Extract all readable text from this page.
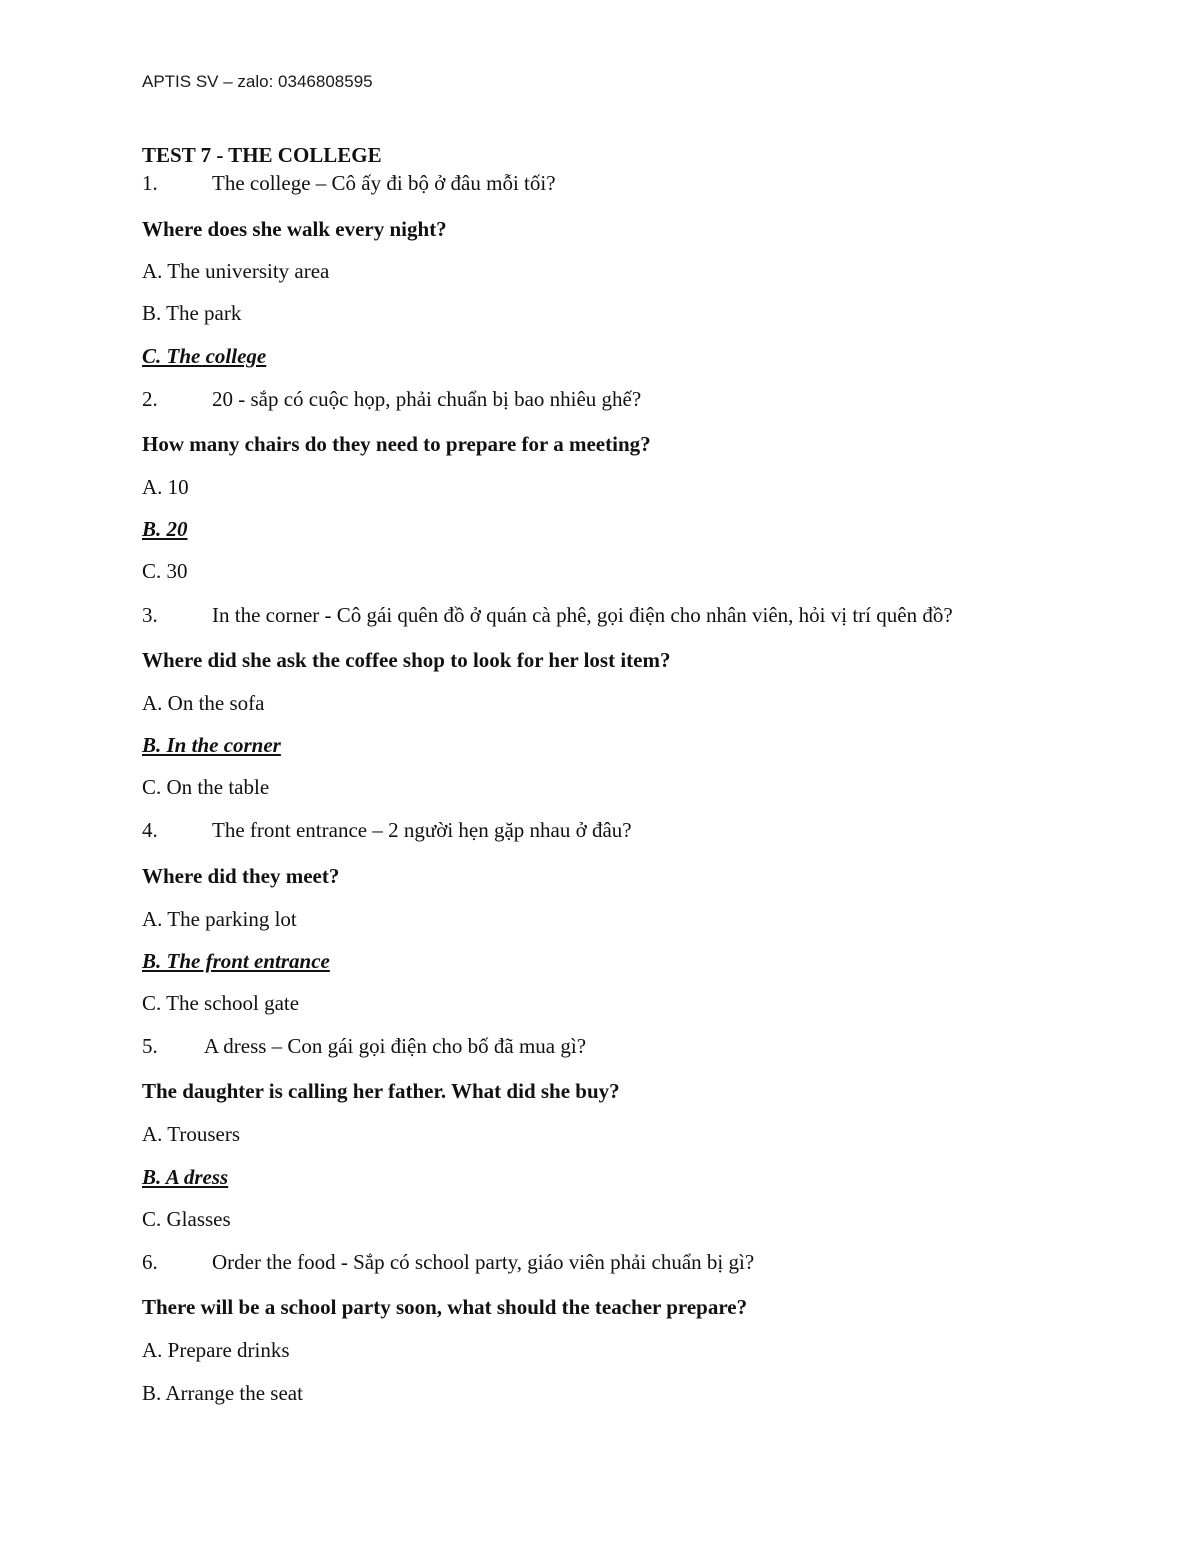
APTIS SV – zalo: 0346808595
TEST 7 - THE COLLEGE
1.	The college – Cô ấy đi bộ ở đâu mỗi tối?
Where does she walk every night?
A. The university area
B. The park
C. The college
2.	20 - sắp có cuộc họp, phải chuẩn bị bao nhiêu ghế?
How many chairs do they need to prepare for a meeting?
A. 10
B. 20
C. 30
3.	In the corner - Cô gái quên đồ ở quán cà phê, gọi điện cho nhân viên, hỏi vị trí quên đồ?
Where did she ask the coffee shop to look for her lost item?
A. On the sofa
B. In the corner
C. On the table
4.	The front entrance – 2 người hẹn gặp nhau ở đâu?
Where did they meet?
A. The parking lot
B. The front entrance
C. The school gate
5. A dress – Con gái gọi điện cho bố đã mua gì?
The daughter is calling her father. What did she buy?
A. Trousers
B. A dress
C. Glasses
6.	Order the food - Sắp có school party, giáo viên phải chuẩn bị gì?
There will be a school party soon, what should the teacher prepare?
A. Prepare drinks
B. Arrange the seat
